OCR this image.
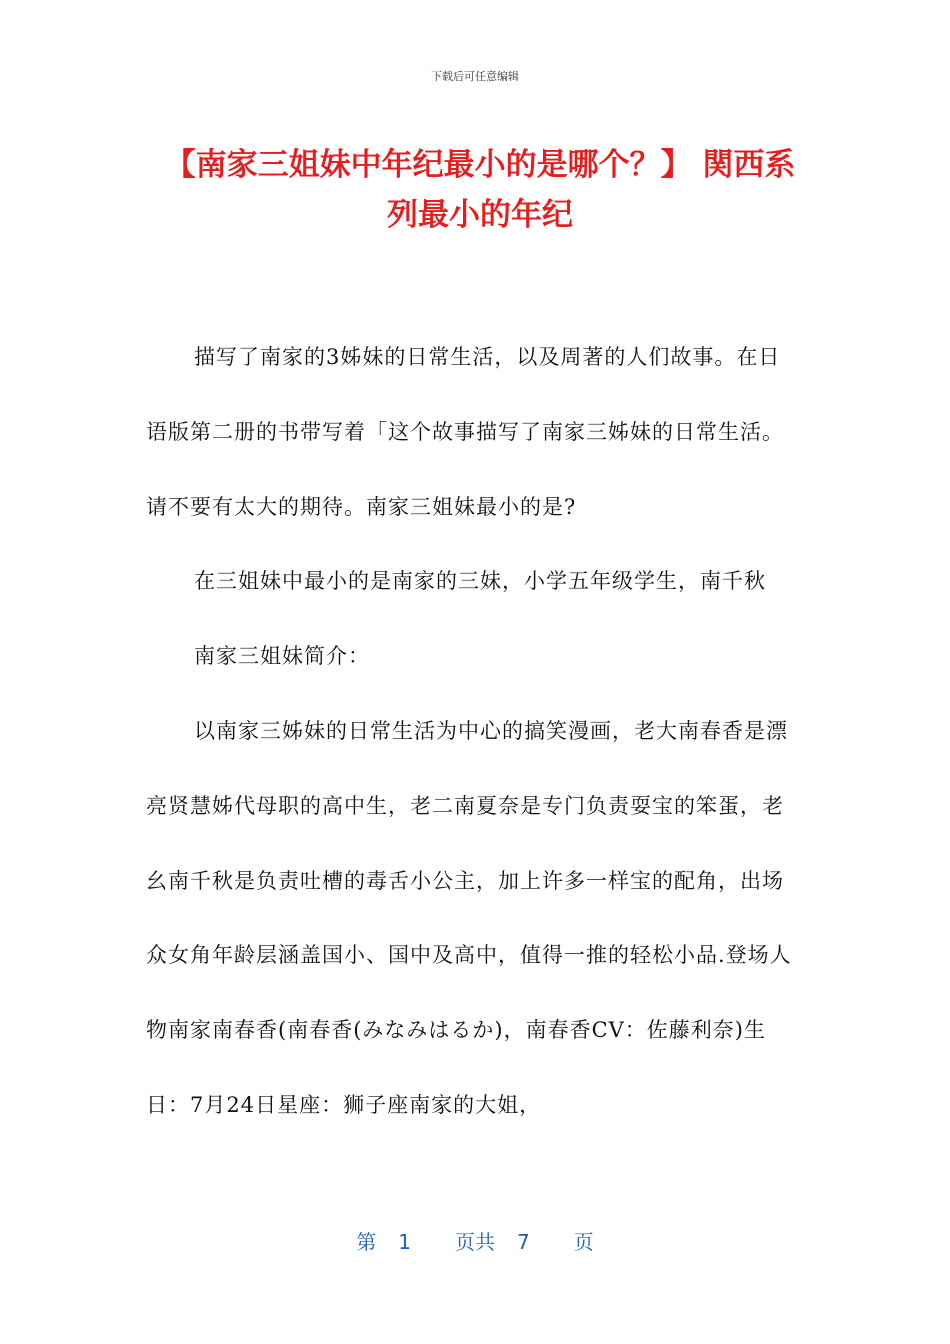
下载后可任意编辑
【南家三姐妹中年纪最小的是哪个？】 関西系列最小的年纪

描写了南家的3姊妹的日常生活，以及周著的人们故事。在日语版第二册的书带写着「这个故事描写了南家三姊妹的日常生活。请不要有太大的期待。南家三姐妹最小的是?

在三姐妹中最小的是南家的三妹，小学五年级学生，南千秋

南家三姐妹简介：

以南家三姊妹的日常生活为中心的搞笑漫画，老大南春香是漂亮贤慧姊代母职的高中生，老二南夏奈是专门负责耍宝的笨蛋，老幺南千秋是负责吐槽的毒舌小公主，加上许多一样宝的配角，出场众女角年龄层涵盖国小、国中及高中，值得一推的轻松小品.登场人物南家南春香(南春香(みなみはるか)，南春香CV：佐藤利奈)生日：7月24日星座：狮子座南家的大姐，

第 1 页共 7 页
